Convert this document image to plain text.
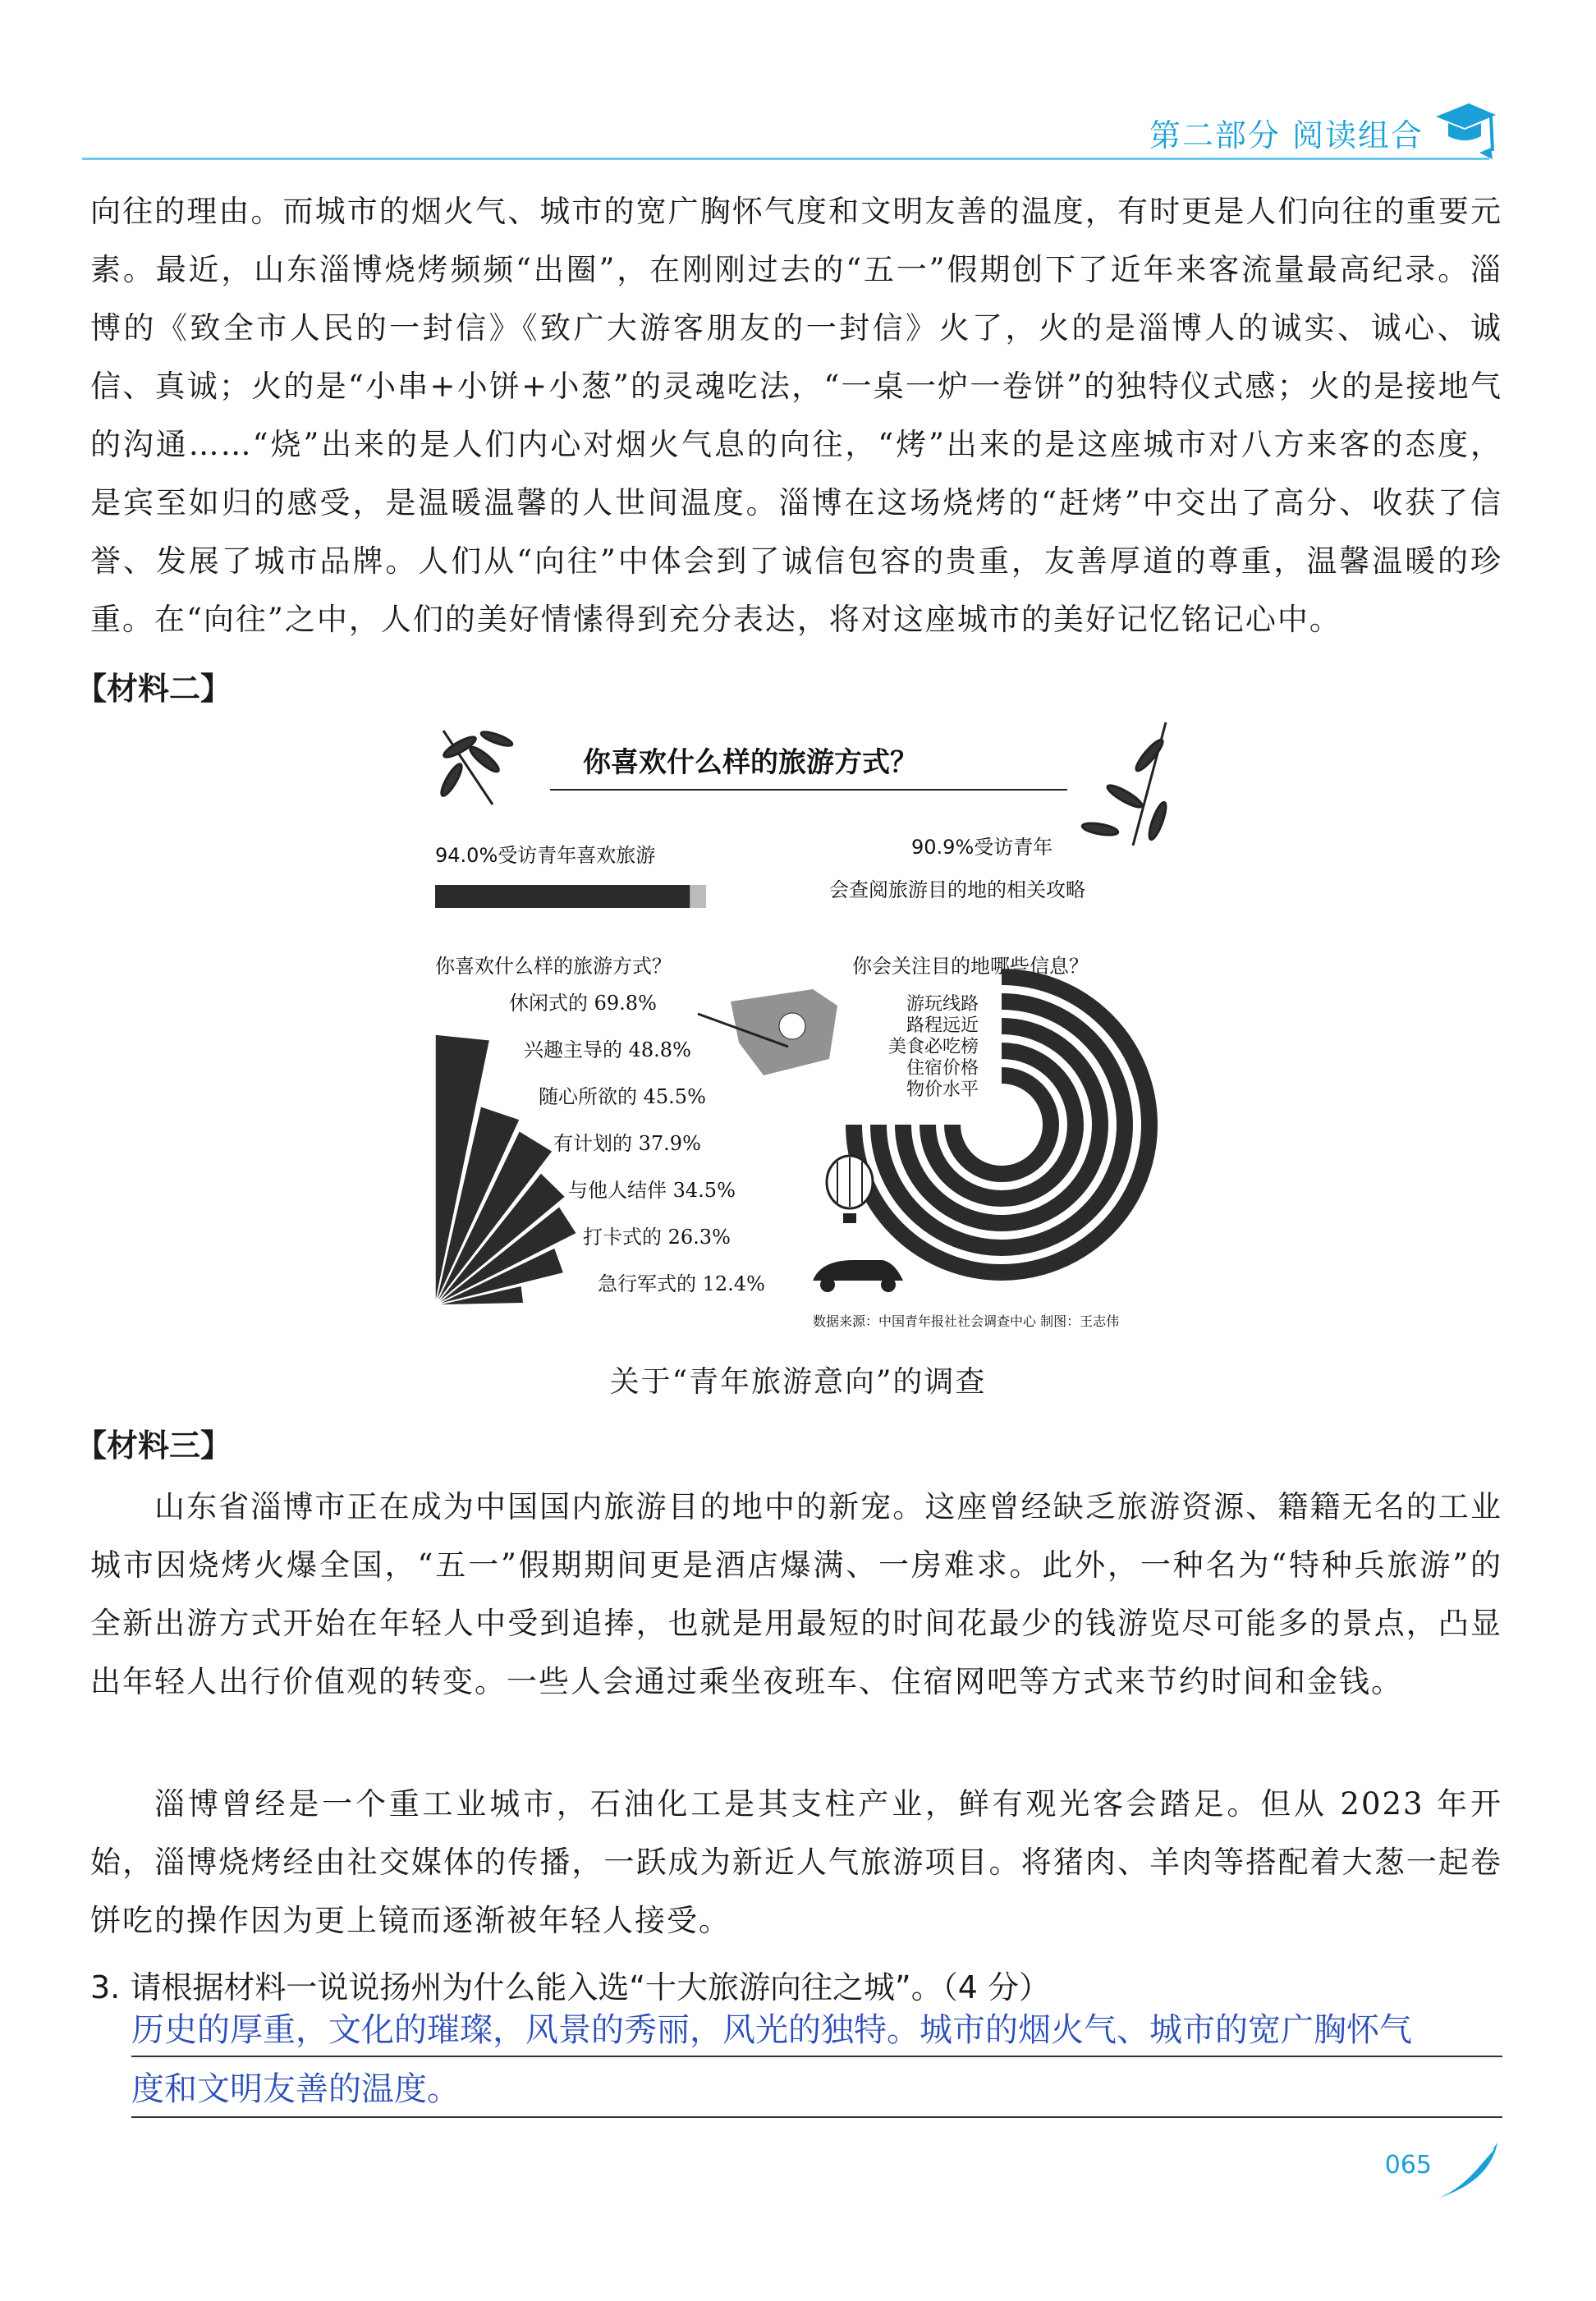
第二部分 阅读组合
向往的理由。而城市的烟火气、城市的宽广胸怀气度和文明友善的温度，有时更是人们向往的重要元素。最近，山东淄博烧烤频频“出圈”，在刚刚过去的“五一”假期创下了近年来客流量最高纪录。淄博的《致全市人民的一封信》《致广大游客朋友的一封信》火了，火的是淄博人的诚实、诚心、诚信、真诚；火的是“小串+小饼+小葱”的灵魂吃法，“一桌一炉一卷饼”的独特仪式感；火的是接地气的沟通……“烧”出来的是人们内心对烟火气息的向往，“烤”出来的是这座城市对八方来客的态度，是宾至如归的感受，是温暖温馨的人世间温度。淄博在这场烧烤的“赶烤”中交出了高分、收获了信誉、发展了城市品牌。人们从“向往”中体会到了诚信包容的贵重，友善厚道的尊重，温馨温暖的珍重。在“向往”之中，人们的美好情愫得到充分表达，将对这座城市的美好记忆铭记心中。
【材料二】
你喜欢什么样的旅游方式？
94.0%受访青年喜欢旅游	90.9%受访青年
会查阅旅游目的地的相关攻略
你喜欢什么样的旅游方式？	你会关注目的地哪些信息？
休闲式的 69.8%
兴趣主导的 48.8%
随心所欲的 45.5%
有计划的 37.9%
与他人结伴 34.5%
打卡式的 26.3%
急行军式的 12.4%
游玩线路
路程远近
美食必吃榜
住宿价格
物价水平
数据来源：中国青年报社社会调查中心 制图：王志伟
关于“青年旅游意向”的调查
【材料三】
山东省淄博市正在成为中国国内旅游目的地中的新宠。这座曾经缺乏旅游资源、籍籍无名的工业城市因烧烤火爆全国，“五一”假期期间更是酒店爆满、一房难求。此外，一种名为“特种兵旅游”的全新出游方式开始在年轻人中受到追捧，也就是用最短的时间花最少的钱游览尽可能多的景点，凸显出年轻人出行价值观的转变。一些人会通过乘坐夜班车、住宿网吧等方式来节约时间和金钱。
淄博曾经是一个重工业城市，石油化工是其支柱产业，鲜有观光客会踏足。但从 2023 年开始，淄博烧烤经由社交媒体的传播，一跃成为新近人气旅游项目。将猪肉、羊肉等搭配着大葱一起卷饼吃的操作因为更上镜而逐渐被年轻人接受。
3. 请根据材料一说说扬州为什么能入选“十大旅游向往之城”。（4 分）
历史的厚重，文化的璀璨，风景的秀丽，风光的独特。城市的烟火气、城市的宽广胸怀气
度和文明友善的温度。
065
